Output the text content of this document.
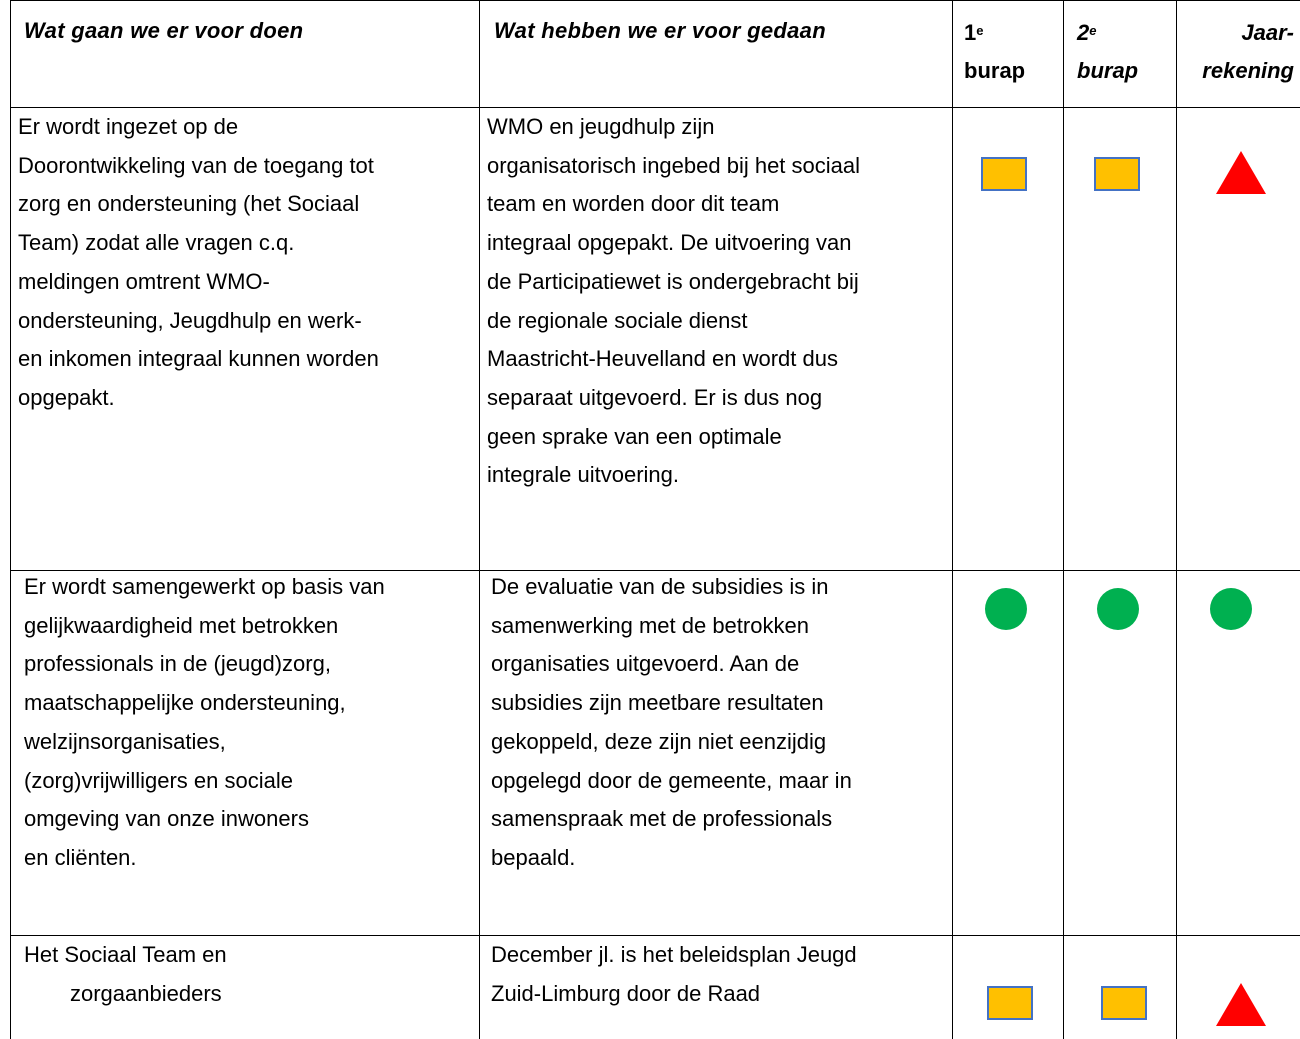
Wat gaan we er voor doen	Wat hebben we er voor gedaan	1e
burap
2e
burap
Jaar-
rekening
Er wordt ingezet op de
Doorontwikkeling van de toegang tot
zorg en ondersteuning (het Sociaal
Team) zodat alle vragen c.q.
meldingen omtrent WMO-
ondersteuning, Jeugdhulp en werk-
en inkomen integraal kunnen worden
opgepakt.
WMO en jeugdhulp zijn
organisatorisch ingebed bij het sociaal
team en worden door dit team
integraal opgepakt. De uitvoering van
de Participatiewet is ondergebracht bij
de regionale sociale dienst
Maastricht-Heuvelland en wordt dus
separaat uitgevoerd. Er is dus nog
geen sprake van een optimale
integrale uitvoering.
Er wordt samengewerkt op basis van
gelijkwaardigheid met betrokken
professionals in de (jeugd)zorg,
maatschappelijke ondersteuning,
welzijnsorganisaties,
(zorg)vrijwilligers en sociale
omgeving van onze inwoners
en cliënten.
De evaluatie van de subsidies is in
samenwerking met de betrokken
organisaties uitgevoerd. Aan de
subsidies zijn meetbare resultaten
gekoppeld, deze zijn niet eenzijdig
opgelegd door de gemeente, maar in
samenspraak met de professionals
bepaald.
Het Sociaal Team en
zorgaanbieders
December jl. is het beleidsplan Jeugd
Zuid-Limburg door de Raad
